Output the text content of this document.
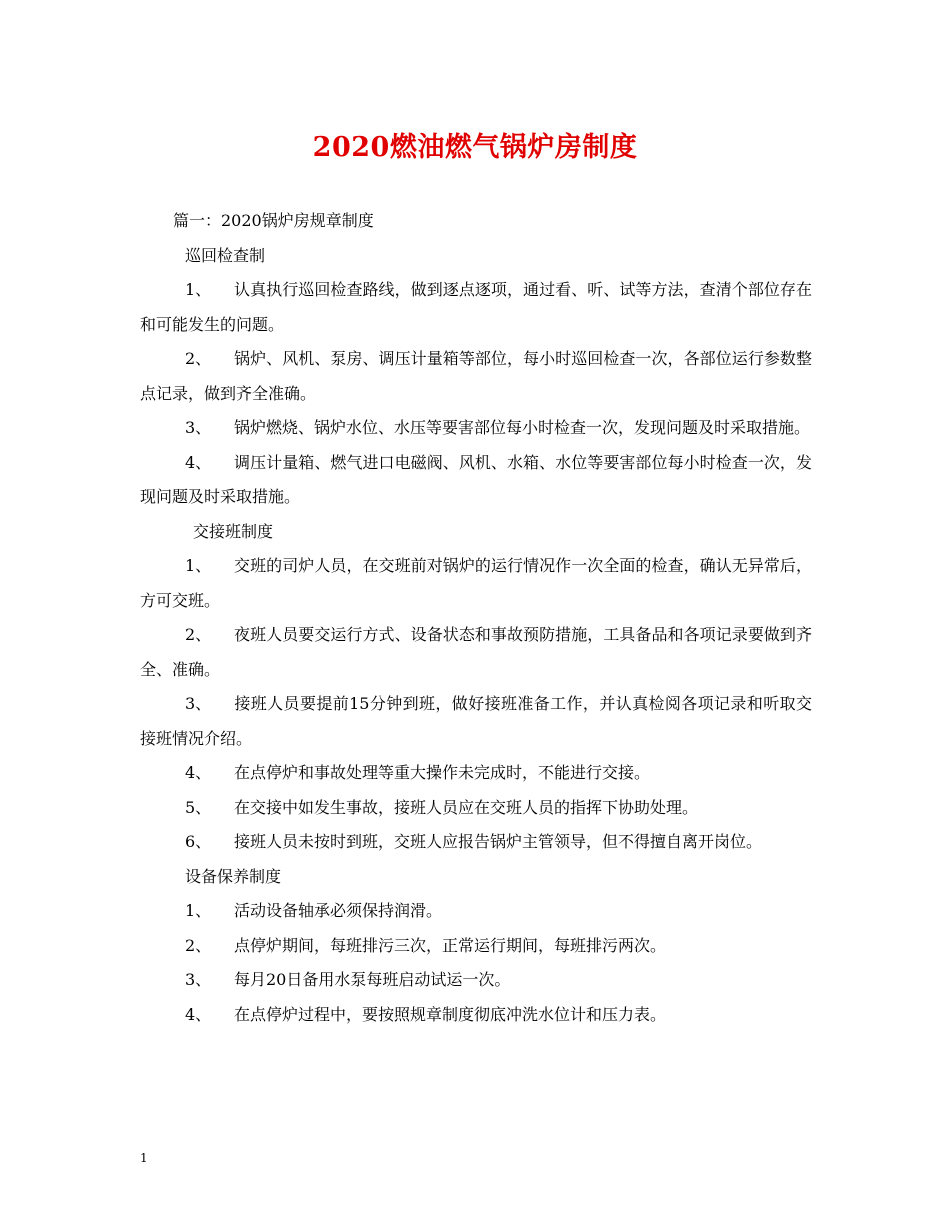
2020燃油燃气锅炉房制度

篇一：2020锅炉房规章制度

巡回检查制

1、 认真执行巡回检查路线，做到逐点逐项，通过看、听、试等方法，查清个部位存在和可能发生的问题。

2、 锅炉、风机、泵房、调压计量箱等部位，每小时巡回检查一次，各部位运行参数整点记录，做到齐全准确。

3、 锅炉燃烧、锅炉水位、水压等要害部位每小时检查一次，发现问题及时采取措施。

4、 调压计量箱、燃气进口电磁阀、风机、水箱、水位等要害部位每小时检查一次，发现问题及时采取措施。

交接班制度

1、 交班的司炉人员，在交班前对锅炉的运行情况作一次全面的检查，确认无异常后，方可交班。

2、 夜班人员要交运行方式、设备状态和事故预防措施，工具备品和各项记录要做到齐全、准确。

3、 接班人员要提前15分钟到班，做好接班准备工作，并认真检阅各项记录和听取交接班情况介绍。

4、 在点停炉和事故处理等重大操作未完成时，不能进行交接。

5、 在交接中如发生事故，接班人员应在交班人员的指挥下协助处理。

6、 接班人员未按时到班，交班人应报告锅炉主管领导，但不得擅自离开岗位。

设备保养制度

1、 活动设备轴承必须保持润滑。

2、 点停炉期间，每班排污三次，正常运行期间，每班排污两次。

3、 每月20日备用水泵每班启动试运一次。

4、 在点停炉过程中，要按照规章制度彻底冲洗水位计和压力表。

1
